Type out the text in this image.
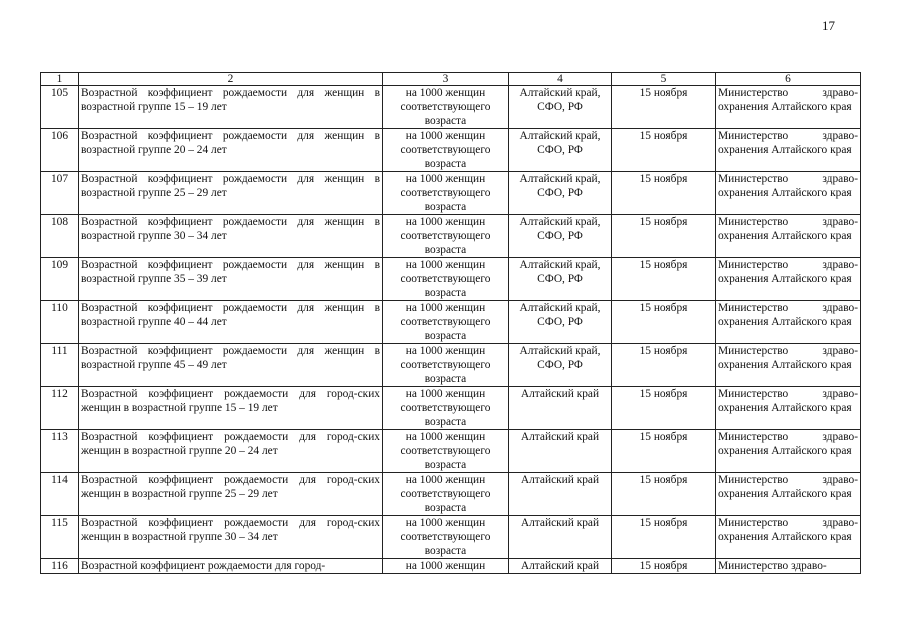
17
1	2	3	4	5	6
105	Возрастной коэффициент рождаемости для женщин в возрастной группе 15 – 19 лет	на 1000 женщин соответствующего возраста	Алтайский край, СФО, РФ	15 ноября	Министерство здраво-охранения Алтайского края
106	Возрастной коэффициент рождаемости для женщин в возрастной группе 20 – 24 лет	на 1000 женщин соответствующего возраста	Алтайский край, СФО, РФ	15 ноября	Министерство здраво-охранения Алтайского края
107	Возрастной коэффициент рождаемости для женщин в возрастной группе 25 – 29 лет	на 1000 женщин соответствующего возраста	Алтайский край, СФО, РФ	15 ноября	Министерство здраво-охранения Алтайского края
108	Возрастной коэффициент рождаемости для женщин в возрастной группе 30 – 34 лет	на 1000 женщин соответствующего возраста	Алтайский край, СФО, РФ	15 ноября	Министерство здраво-охранения Алтайского края
109	Возрастной коэффициент рождаемости для женщин в возрастной группе 35 – 39 лет	на 1000 женщин соответствующего возраста	Алтайский край, СФО, РФ	15 ноября	Министерство здраво-охранения Алтайского края
110	Возрастной коэффициент рождаемости для женщин в возрастной группе 40 – 44 лет	на 1000 женщин соответствующего возраста	Алтайский край, СФО, РФ	15 ноября	Министерство здраво-охранения Алтайского края
111	Возрастной коэффициент рождаемости для женщин в возрастной группе 45 – 49 лет	на 1000 женщин соответствующего возраста	Алтайский край, СФО, РФ	15 ноября	Министерство здраво-охранения Алтайского края
112	Возрастной коэффициент рождаемости для город-ских женщин в возрастной группе 15 – 19 лет	на 1000 женщин соответствующего возраста	Алтайский край	15 ноября	Министерство здраво-охранения Алтайского края
113	Возрастной коэффициент рождаемости для город-ских женщин в возрастной группе 20 – 24 лет	на 1000 женщин соответствующего возраста	Алтайский край	15 ноября	Министерство здраво-охранения Алтайского края
114	Возрастной коэффициент рождаемости для город-ских женщин в возрастной группе 25 – 29 лет	на 1000 женщин соответствующего возраста	Алтайский край	15 ноября	Министерство здраво-охранения Алтайского края
115	Возрастной коэффициент рождаемости для город-ских женщин в возрастной группе 30 – 34 лет	на 1000 женщин соответствующего возраста	Алтайский край	15 ноября	Министерство здраво-охранения Алтайского края
116	Возрастной коэффициент рождаемости для город-	на 1000 женщин	Алтайский край	15 ноября	Министерство здраво-
